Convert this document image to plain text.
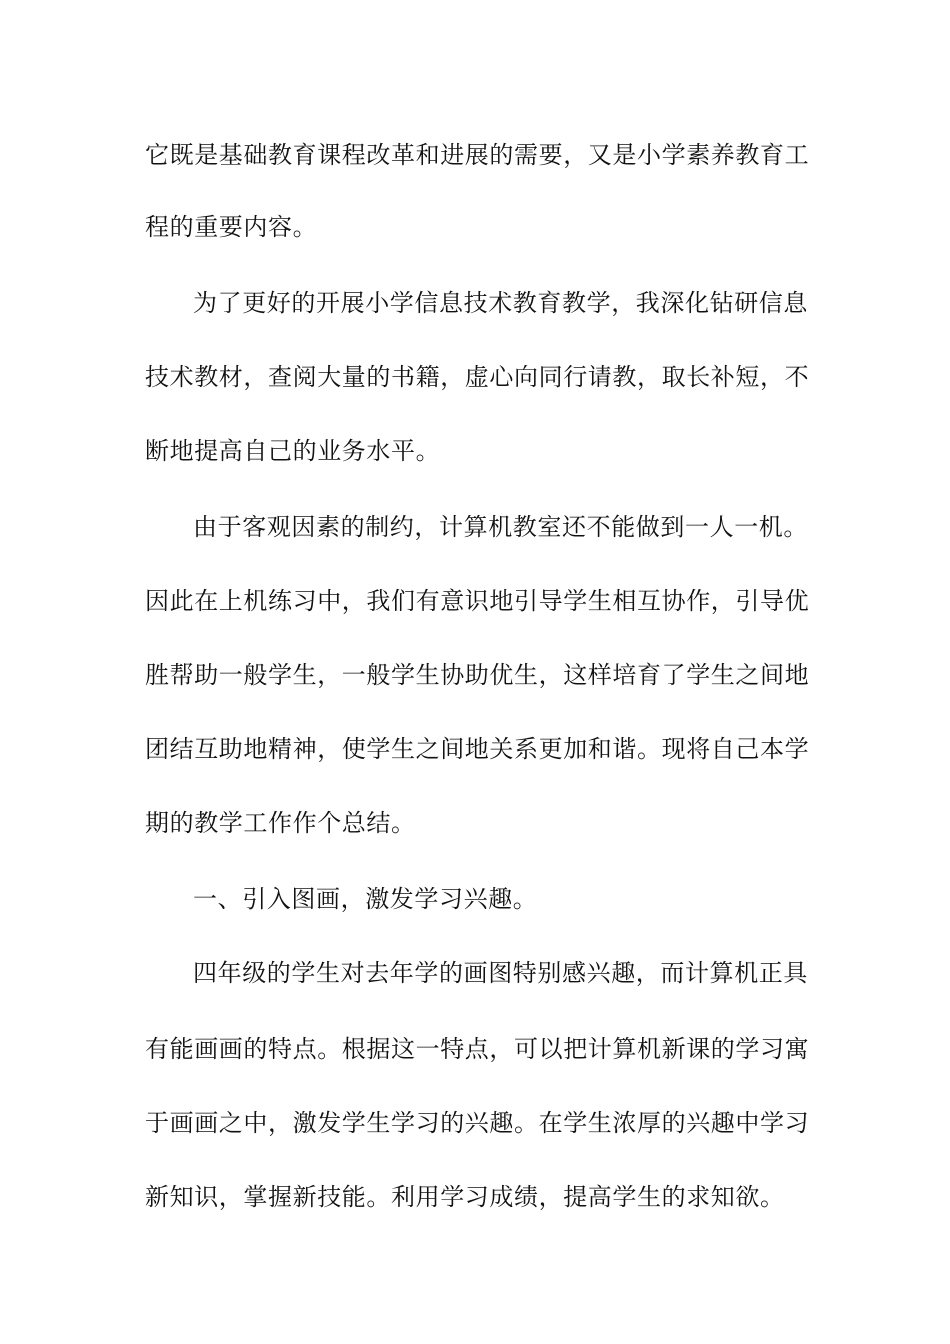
它既是基础教育课程改革和进展的需要，又是小学素养教育工
程的重要内容。
为了更好的开展小学信息技术教育教学，我深化钻研信息
技术教材，查阅大量的书籍，虚心向同行请教，取长补短，不
断地提高自己的业务水平。
由于客观因素的制约，计算机教室还不能做到一人一机。
因此在上机练习中，我们有意识地引导学生相互协作，引导优
胜帮助一般学生，一般学生协助优生，这样培育了学生之间地
团结互助地精神，使学生之间地关系更加和谐。现将自己本学
期的教学工作作个总结。
一、引入图画，激发学习兴趣。
四年级的学生对去年学的画图特别感兴趣，而计算机正具
有能画画的特点。根据这一特点，可以把计算机新课的学习寓
于画画之中，激发学生学习的兴趣。在学生浓厚的兴趣中学习
新知识，掌握新技能。利用学习成绩，提高学生的求知欲。
